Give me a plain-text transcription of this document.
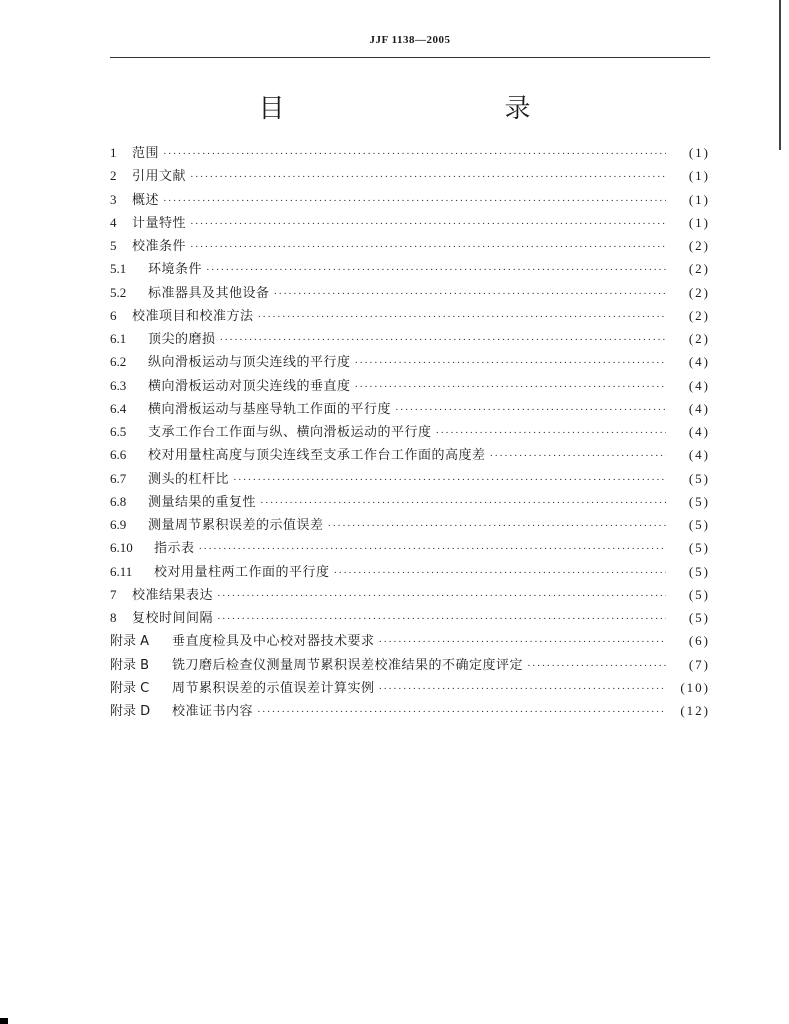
JJF 1138—2005
目　　录
1	范围 ·····	(1)
2	引用文献 ·····	(1)
3	概述 ·····	(1)
4	计量特性 ·····	(1)
5	校准条件 ·····	(2)
5.1	环境条件 ·····	(2)
5.2	标准器具及其他设备 ·····	(2)
6	校准项目和校准方法 ·····	(2)
6.1	顶尖的磨损 ·····	(2)
6.2	纵向滑板运动与顶尖连线的平行度 ·····	(4)
6.3	横向滑板运动对顶尖连线的垂直度 ·····	(4)
6.4	横向滑板运动与基座导轨工作面的平行度 ·····	(4)
6.5	支承工作台工作面与纵、横向滑板运动的平行度 ·····	(4)
6.6	校对用量柱高度与顶尖连线至支承工作台工作面的高度差 ·····	(4)
6.7	测头的杠杆比 ·····	(5)
6.8	测量结果的重复性 ·····	(5)
6.9	测量周节累积误差的示值误差 ·····	(5)
6.10	指示表 ·····	(5)
6.11	校对用量柱两工作面的平行度 ·····	(5)
7	校准结果表达 ·····	(5)
8	复校时间间隔 ·····	(5)
附录 A	垂直度检具及中心校对器技术要求 ·····	(6)
附录 B	铣刀磨后检查仪测量周节累积误差校准结果的不确定度评定 ·····	(7)
附录 C	周节累积误差的示值误差计算实例 ·····	(10)
附录 D	校准证书内容 ·····	(12)
